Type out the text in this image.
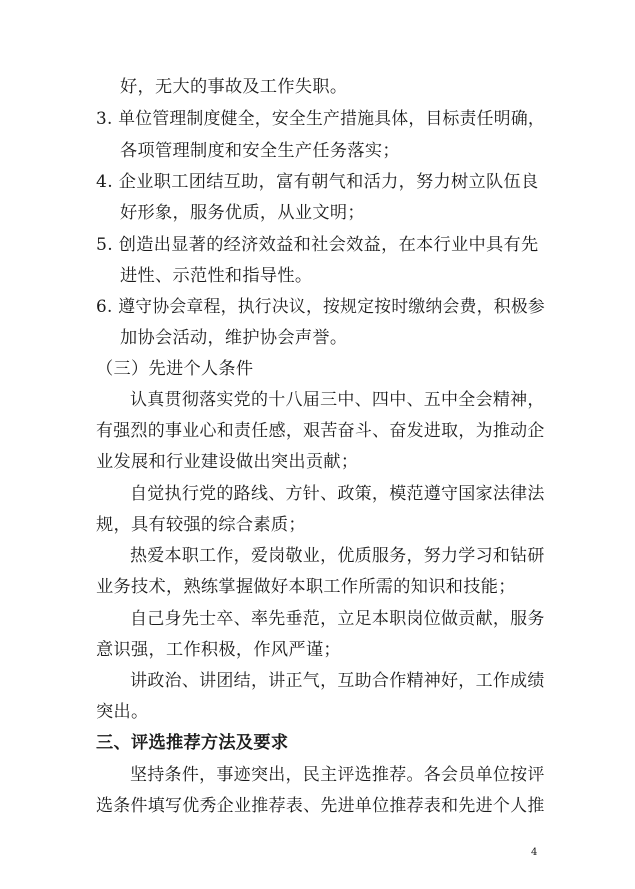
好，无大的事故及工作失职。
3. 单位管理制度健全，安全生产措施具体，目标责任明确，
各项管理制度和安全生产任务落实；
4. 企业职工团结互助，富有朝气和活力，努力树立队伍良
好形象，服务优质，从业文明；
5. 创造出显著的经济效益和社会效益，在本行业中具有先
进性、示范性和指导性。
6. 遵守协会章程，执行决议，按规定按时缴纳会费，积极参
加协会活动，维护协会声誉。
（三）先进个人条件
认真贯彻落实党的十八届三中、四中、五中全会精神，
有强烈的事业心和责任感，艰苦奋斗、奋发进取，为推动企
业发展和行业建设做出突出贡献；
自觉执行党的路线、方针、政策，模范遵守国家法律法
规，具有较强的综合素质；
热爱本职工作，爱岗敬业，优质服务，努力学习和钻研
业务技术，熟练掌握做好本职工作所需的知识和技能；
自己身先士卒、率先垂范，立足本职岗位做贡献，服务
意识强，工作积极，作风严谨；
讲政治、讲团结，讲正气，互助合作精神好，工作成绩
突出。
三、评选推荐方法及要求
坚持条件，事迹突出，民主评选推荐。各会员单位按评
选条件填写优秀企业推荐表、先进单位推荐表和先进个人推
4
